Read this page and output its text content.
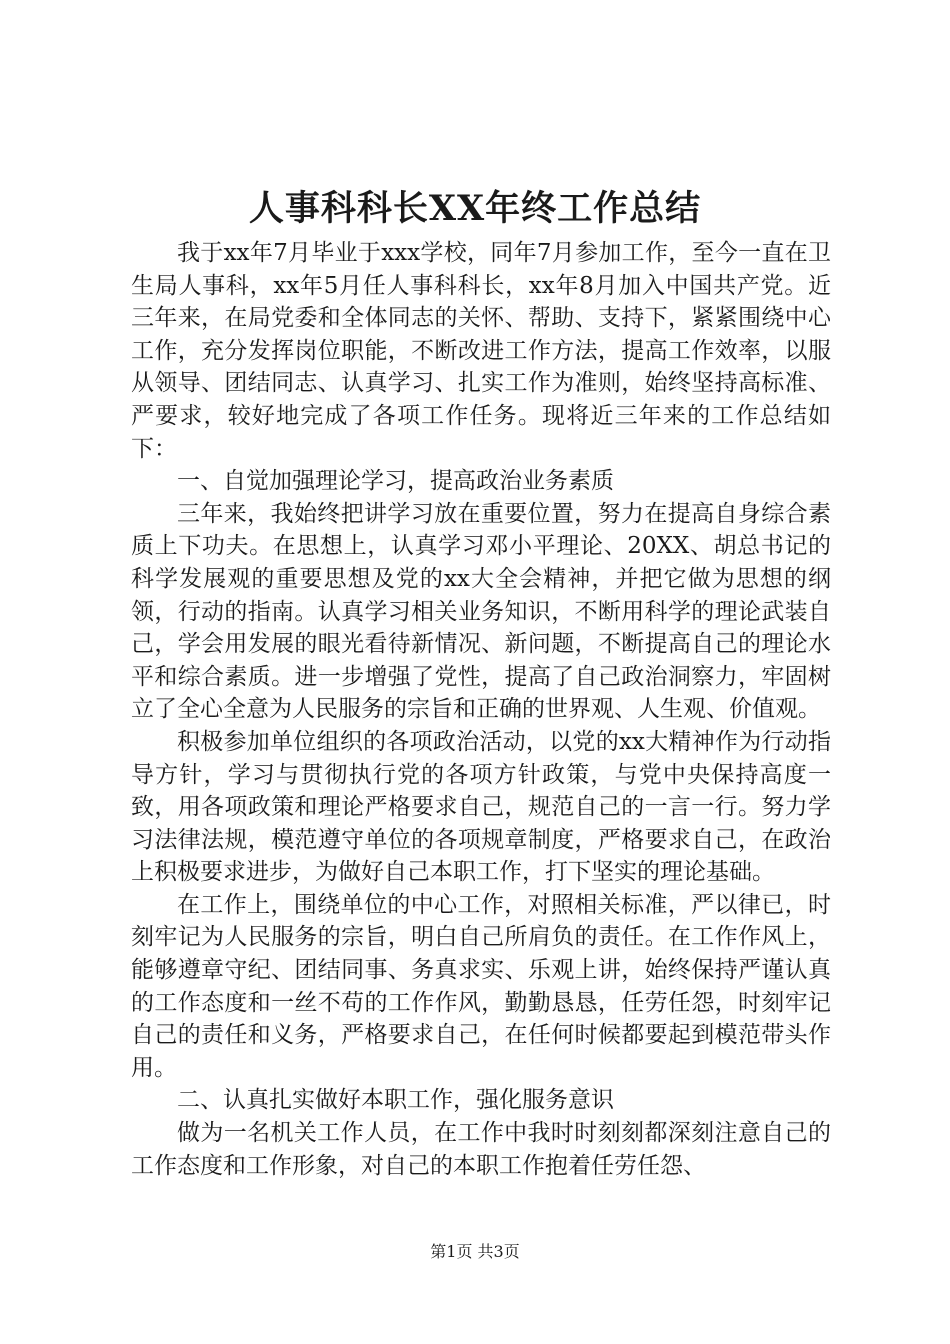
人事科科长XX年终工作总结

我于xx年7月毕业于xxx学校，同年7月参加工作，至今一直在卫生局人事科，xx年5月任人事科科长，xx年8月加入中国共产党。近三年来，在局党委和全体同志的关怀、帮助、支持下，紧紧围绕中心工作，充分发挥岗位职能，不断改进工作方法，提高工作效率，以服从领导、团结同志、认真学习、扎实工作为准则，始终坚持高标准、严要求，较好地完成了各项工作任务。现将近三年来的工作总结如下：

一、自觉加强理论学习，提高政治业务素质

三年来，我始终把讲学习放在重要位置，努力在提高自身综合素质上下功夫。在思想上，认真学习邓小平理论、20XX、胡总书记的科学发展观的重要思想及党的xx大全会精神，并把它做为思想的纲领，行动的指南。认真学习相关业务知识，不断用科学的理论武装自己，学会用发展的眼光看待新情况、新问题，不断提高自己的理论水平和综合素质。进一步增强了党性，提高了自己政治洞察力，牢固树立了全心全意为人民服务的宗旨和正确的世界观、人生观、价值观。

积极参加单位组织的各项政治活动，以党的xx大精神作为行动指导方针，学习与贯彻执行党的各项方针政策，与党中央保持高度一致，用各项政策和理论严格要求自己，规范自己的一言一行。努力学习法律法规，模范遵守单位的各项规章制度，严格要求自己，在政治上积极要求进步，为做好自己本职工作，打下坚实的理论基础。

在工作上，围绕单位的中心工作，对照相关标准，严以律已，时刻牢记为人民服务的宗旨，明白自己所肩负的责任。在工作作风上，能够遵章守纪、团结同事、务真求实、乐观上讲，始终保持严谨认真的工作态度和一丝不苟的工作作风，勤勤恳恳，任劳任怨，时刻牢记自己的责任和义务，严格要求自己，在任何时候都要起到模范带头作用。

二、认真扎实做好本职工作，强化服务意识

做为一名机关工作人员，在工作中我时时刻刻都深刻注意自己的工作态度和工作形象，对自己的本职工作抱着任劳任怨、

第1页 共3页
